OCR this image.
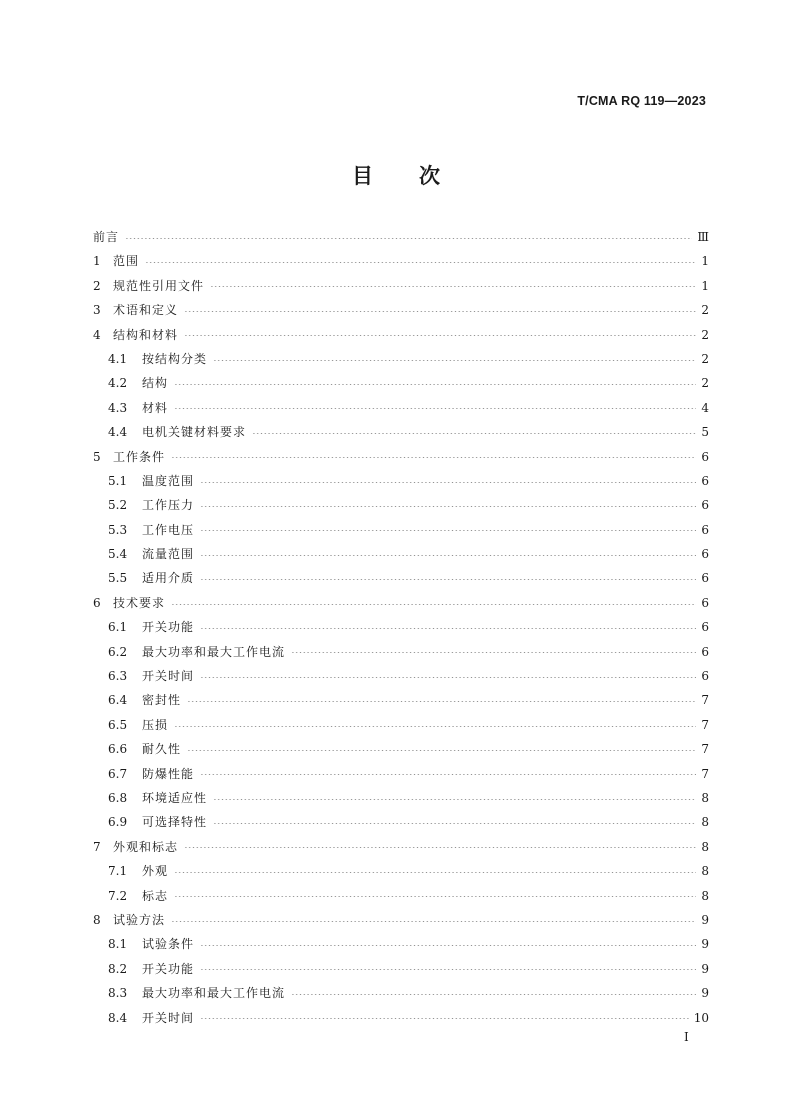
T/CMA RQ 119—2023
目次
前言	Ⅲ
1	范围	1
2	规范性引用文件	1
3	术语和定义	2
4	结构和材料	2
4.1	按结构分类	2
4.2	结构	2
4.3	材料	4
4.4	电机关键材料要求	5
5	工作条件	6
5.1	温度范围	6
5.2	工作压力	6
5.3	工作电压	6
5.4	流量范围	6
5.5	适用介质	6
6	技术要求	6
6.1	开关功能	6
6.2	最大功率和最大工作电流	6
6.3	开关时间	6
6.4	密封性	7
6.5	压损	7
6.6	耐久性	7
6.7	防爆性能	7
6.8	环境适应性	8
6.9	可选择特性	8
7	外观和标志	8
7.1	外观	8
7.2	标志	8
8	试验方法	9
8.1	试验条件	9
8.2	开关功能	9
8.3	最大功率和最大工作电流	9
8.4	开关时间	10
I
